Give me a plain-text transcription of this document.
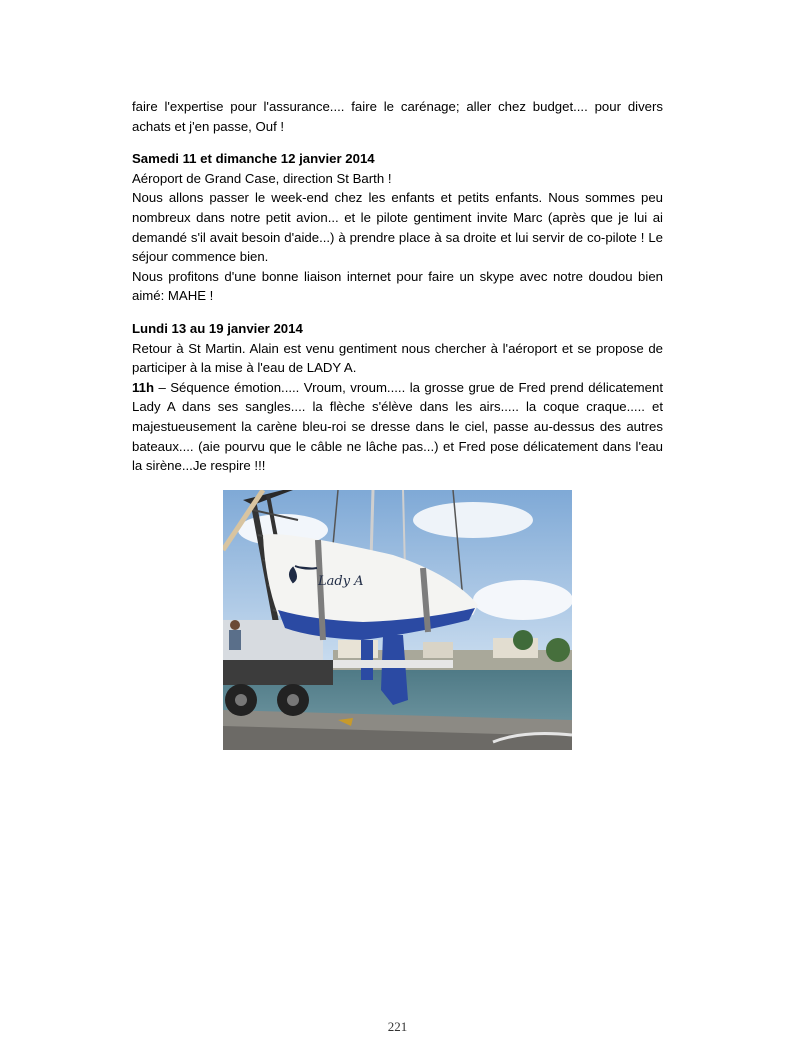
faire l'expertise pour l'assurance.... faire le carénage; aller chez budget.... pour divers achats et j'en passe, Ouf !

Samedi 11 et dimanche 12 janvier 2014

Aéroport de Grand Case, direction St Barth !

Nous allons passer le week-end chez les enfants et petits enfants. Nous sommes peu nombreux dans notre petit avion... et le pilote gentiment invite Marc (après que je lui ai demandé s'il avait besoin d'aide...) à prendre place à sa droite et lui servir de co-pilote ! Le séjour commence bien.

Nous profitons d'une bonne liaison internet pour faire un skype avec notre doudou bien aimé: MAHE !

Lundi 13 au 19 janvier 2014

Retour à St Martin. Alain est venu gentiment nous chercher à l'aéroport et se propose de participer à la mise à l'eau de LADY A.

11h – Séquence émotion..... Vroum, vroum..... la grosse grue de Fred prend délicatement Lady A dans ses sangles.... la flèche s'élève dans les airs..... la coque craque..... et majestueusement la carène bleu-roi se dresse dans le ciel, passe au-dessus des autres bateaux.... (aie pourvu que le câble ne lâche pas...) et Fred pose délicatement dans l'eau la sirène...Je respire !!!

Lady A
221
